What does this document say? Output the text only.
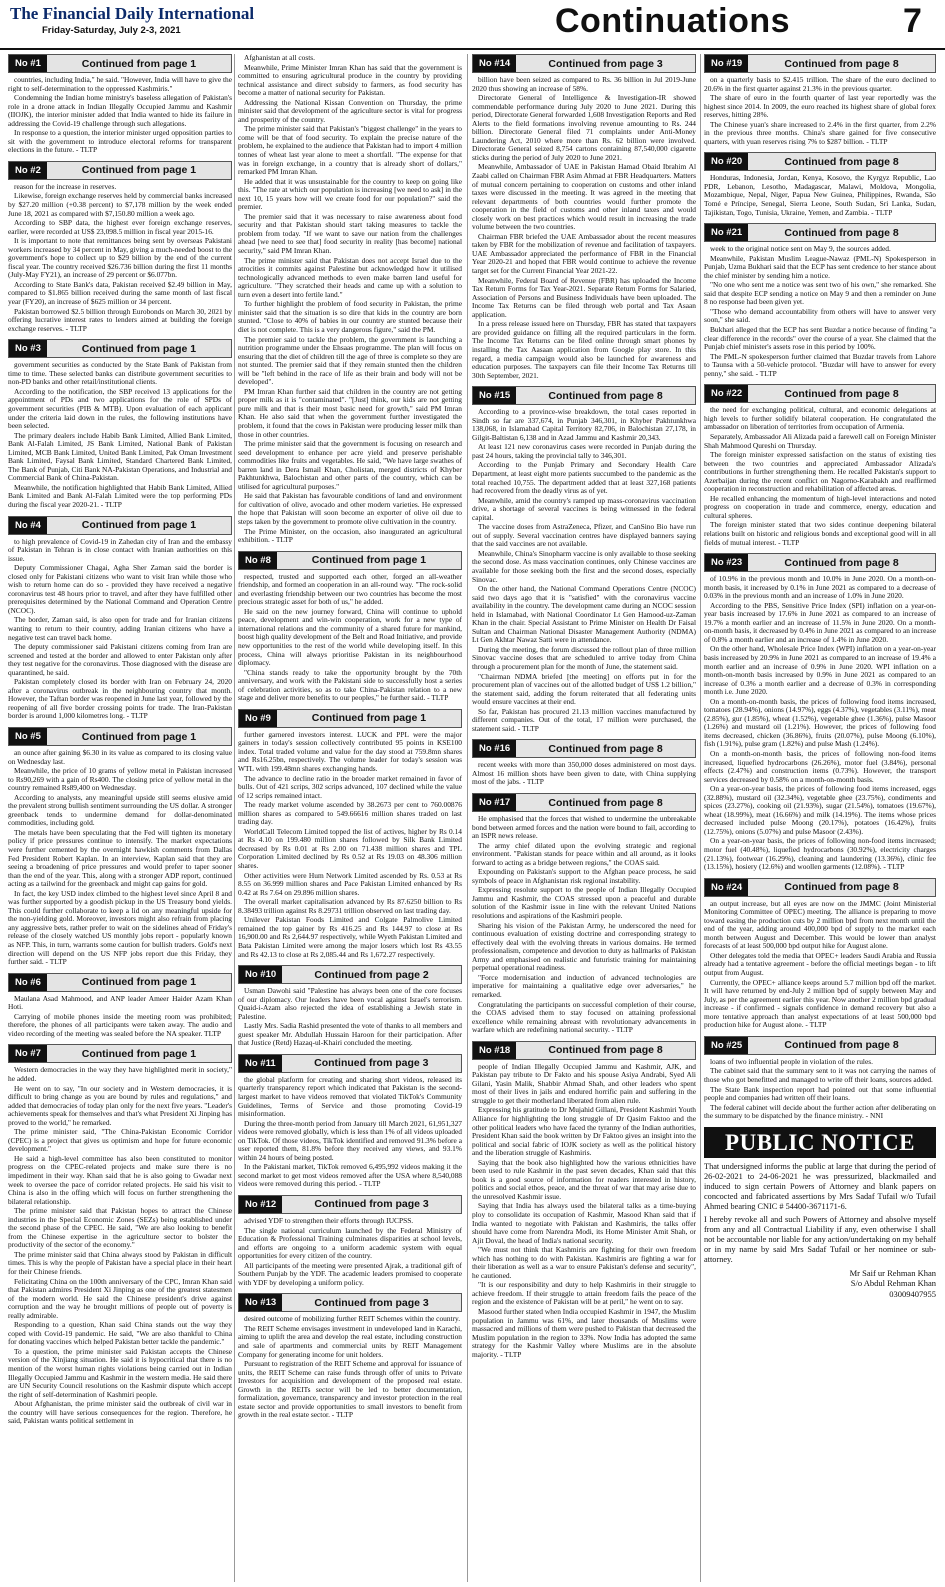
The Financial Daily International
Friday-Saturday, July 2-3, 2021	Continuations	7
No #1	Continued from page 1

countries, including India," he said. "However, India will have to give the right to self-determination to the oppressed Kashmiris."

Condemning the Indian home ministry's baseless allegation of Pakistan's role in a drone attack in Indian Illegally Occupied Jammu and Kashmir (IIOJK), the interior minister added that India wanted to hide its failure in addressing the Covid-19 challenge through such allegations.

In response to a question, the interior minister urged opposition parties to sit with the government to introduce electoral reforms for transparent elections in the future. - TLTP

No #2	Continued from page 1

reason for the increase in reserves.

Likewise, foreign exchange reserves held by commercial banks increased by $27.20 million (+0.38 percent) to $7,178 million by the week ended June 18, 2021 as compared with $7,150.80 million a week ago.

According to SBP data, the highest ever foreign exchange reserves, earlier, were recorded at US$ 23,098.5 million in fiscal year 2015-16.

It is important to note that remittances being sent by overseas Pakistani workers increased by 34 percent in May, giving a much-needed boost to the government's hope to collect up to $29 billion by the end of the current fiscal year. The country received $26.736 billion during the first 11 months (July-May FY21), an increase of 29 percent or $6.077bn.

According to State Bank's data, Pakistan received $2.49 billion in May, compared to $1.865 billion received during the same month of last fiscal year (FY20), an increase of $625 million or 34 percent.

Pakistan borrowed $2.5 billion through Eurobonds on March 30, 2021 by offering lucrative interest rates to lenders aimed at building the foreign exchange reserves. - TLTP

No #3	Continued from page 1

government securities as conducted by the State Bank of Pakistan from time to time. These selected banks can distribute government securities to non-PD banks and other retail/institutional clients.

According to the notification, the SBP received 13 applications for the appointment of PDs and two applications for the role of SPDs of government securities (PIB & MTB). Upon evaluation of each applicant under the criteria laid down in the rules, the following institutions have been selected.

The primary dealers include Habib Bank Limited, Allied Bank Limited, Bank Al-Falah Limited, JS Bank Limited, National Bank of Pakistan Limited, MCB Bank Limited, United Bank Limited, Pak Oman Investment Bank Limited, Faysal Bank Limited, Standard Chartered Bank Limited, The Bank of Punjab, Citi Bank NA-Pakistan Operations, and Industrial and Commercial Bank of China-Pakistan.

Meanwhile, the notification highlighted that Habib Bank Limited, Allied Bank Limited and Bank Al-Falah Limited were the top performing PDs during the fiscal year 2020-21. - TLTP

No #4	Continued from page 1

to high prevalence of Covid-19 in Zahedan city of Iran and the embassy of Pakistan in Tehran is in close contact with Iranian authorities on this issue.

Deputy Commissioner Chagai, Agha Sher Zaman said the border is closed only for Pakistani citizens who want to visit Iran while those who wish to return home can do so - provided they have received a negative coronavirus test 48 hours prior to travel, and after they have fulfilled other prerequisites determined by the National Command and Operation Centre (NCOC).

The border, Zaman said, is also open for trade and for Iranian citizens wanting to return to their country, adding Iranian citizens who have a negative test can travel back home.

The deputy commissioner said Pakistani citizens coming from Iran are screened and tested at the border and allowed to enter Pakistan only after they test negative for the coronavirus. Those diagnosed with the disease are quarantined, he said.

Pakistan completely closed its border with Iran on February 24, 2020 after a coronavirus outbreak in the neighbouring country that month. However, the Taftan border was reopened in June last year, followed by the reopening of all five border crossing points for trade. The Iran-Pakistan border is around 1,000 kilometres long. - TLTP

No #5	Continued from page 1

an ounce after gaining $6.30 in its value as compared to its closing value on Wednesday last.

Meanwhile, the price of 10 grams of yellow metal in Pakistan increased to Rs90,269 with a gain of Rs400. The closing price of yellow metal in the country remained Rs89,400 on Wednesday.

According to analysts, any meaningful upside still seems elusive amid the prevalent strong bullish sentiment surrounding the US dollar. A stronger greenback tends to undermine demand for dollar-denominated commodities, including gold.

The metals have been speculating that the Fed will tighten its monetary policy if price pressures continue to intensify. The market expectations were further cemented by the overnight hawkish comments from Dallas Fed President Robert Kaplan. In an interview, Kaplan said that they are seeing a broadening of price pressures and would prefer to taper sooner than the end of the year. This, along with a stronger ADP report, continued acting as a tailwind for the greenback and might cap gains for gold.

In fact, the key USD index climbed to the highest level since April 8 and was further supported by a goodish pickup in the US Treasury bond yields. This could further collaborate to keep a lid on any meaningful upside for the non-yielding gold. Moreover, investors might also refrain from placing any aggressive bets, rather prefer to wait on the sidelines ahead of Friday's release of the closely watched US monthly jobs report - popularly known as NFP. This, in turn, warrants some caution for bullish traders. Gold's next direction will depend on the US NFP jobs report due this Friday, they further said. - TLTP

No #6	Continued from page 1

Maulana Asad Mahmood, and ANP leader Ameer Haider Azam Khan Hoti.

Carrying of mobile phones inside the meeting room was prohibited; therefore, the phones of all participants were taken away. The audio and video recording of the meeting was sealed before the NA speaker. TLTP

No #7	Continued from page 1

Western democracies in the way they have highlighted merit in society," he added.

He went on to say, "In our society and in Western democracies, it is difficult to bring change as you are bound by rules and regulations," and added that democracies of today plan only for the next five years. "Leader's achievements speak for themselves and that's what President Xi Jinping has proved to the world," he remarked.

The prime minister said, "The China-Pakistan Economic Corridor (CPEC) is a project that gives us optimism and hope for future economic development."

He said a high-level committee has also been constituted to monitor progress on the CPEC-related projects and make sure there is no impediment in their way. Khan said that he is also going to Gwadar next week to oversee the pace of corridor related projects. He said his visit to China is also in the offing which will focus on further strengthening the bilateral relationship.

The prime minister said that Pakistan hopes to attract the Chinese industries in the Special Economic Zones (SEZs) being established under the second phase of the CPEC. He said, "We are also looking to benefit from the Chinese expertise in the agriculture sector to bolster the productivity of the sector of the economy."

The prime minister said that China always stood by Pakistan in difficult times. This is why the people of Pakistan have a special place in their heart for their Chinese friends.

Felicitating China on the 100th anniversary of the CPC, Imran Khan said that Pakistan admires President Xi Jinping as one of the greatest statesmen of the modern world. He said the Chinese president's drive against corruption and the way he brought millions of people out of poverty is really admirable.

Responding to a question, Khan said China stands out the way they coped with Covid-19 pandemic. He said, "We are also thankful to China for donating vaccines which helped Pakistan better tackle the pandemic."

To a question, the prime minister said Pakistan accepts the Chinese version of the Xinjiang situation. He said it is hypocritical that there is no mention of the worst human rights violations being carried out in Indian Illegally Occupied Jammu and Kashmir in the western media. He said there are UN Security Council resolutions on the Kashmir dispute which accept the right of self-determination of Kashmiri people.

About Afghanistan, the prime minister said the outbreak of civil war in the country will have serious consequences for the region. Therefore, he said, Pakistan wants political settlement in

Afghanistan at all costs.

Meanwhile, Prime Minister Imran Khan has said that the government is committed to ensuring agricultural produce in the country by providing technical assistance and direct subsidy to farmers, as food security has become a matter of national security for Pakistan.

Addressing the National Kissan Convention on Thursday, the prime minister said that development of the agriculture sector is vital for progress and prosperity of the country.

The prime minister said that Pakistan's "biggest challenge" in the years to come will be that of food security. To explain the precise nature of the problem, he explained to the audience that Pakistan had to import 4 million tonnes of wheat last year alone to meet a shortfall. "The expense for that was in foreign exchange, in a country that is already short of dollars," remarked PM Imran Khan.

He added that it was unsustainable for the country to keep on going like this. "The rate at which our population is increasing [we need to ask] in the next 10, 15 years how will we create food for our population?" said the premier.

The premier said that it was necessary to raise awareness about food security and that Pakistan should start taking measures to tackle the problem from today. "If we want to save our nation from the challenges ahead [we need to see that] food security in reality [has become] national security," said PM Imran Khan.

The prime minister said that Pakistan does not accept Israel due to the atrocities it commits against Palestine but acknowledged how it utilised technologically advanced methods to even make barren land useful for agriculture. "They scratched their heads and came up with a solution to turn even a desert into fertile land."

To further highlight the problem of food security in Pakistan, the prime minister said that the situation is so dire that kids in the country are born stunted. "Close to 40% of babies in our country are stunted because their diet is not complete. This is a very dangerous figure," said the PM.

The premier said to tackle the problem, the government is launching a nutrition programme under the Ehsaas programme. The plan will focus on ensuring that the diet of children till the age of three is complete so they are not stunted. The premier said that if they remain stunted then the children will be "left behind in the race of life as their brain and body will not be developed".

PM Imran Khan further said that children in the country are not getting proper milk as it is "contaminated". "[Just] think, our kids are not getting pure milk and that is their most basic need for growth," said PM Imran Khan. He also said that when the government further investigated the problem, it found that the cows in Pakistan were producing lesser milk than those in other countries.

The prime minister said that the government is focusing on research and seed development to enhance per acre yield and preserve perishable commodities like fruits and vegetables. He said, "We have large swathes of barren land in Dera Ismail Khan, Cholistan, merged districts of Khyber Pakhtunkhwa, Balochistan and other parts of the country, which can be utilised for agricultural purposes."

He said that Pakistan has favourable conditions of land and environment for cultivation of olive, avocado and other modern varieties. He expressed the hope that Pakistan will soon become an exporter of olive oil due to steps taken by the government to promote olive cultivation in the country.

The Prime Minister, on the occasion, also inaugurated an agricultural exhibition. - TLTP

No #8	Continued from page 1

respected, trusted and supported each other, forged an all-weather friendship, and formed an cooperation in an all-round way. "The rock-solid and everlasting friendship between our two countries has become the most precious strategic asset for both of us," he added.

He said on the new journey forward, China will continue to uphold peace, development and win-win cooperation, work for a new type of international relations and the community of a shared future for mankind, boost high quality development of the Belt and Road Initiative, and provide new opportunities to the rest of the world while developing itself. In this process, China will always prioritise Pakistan in its neighbourhood diplomacy.

"China stands ready to take the opportunity brought by the 70th anniversary, and work with the Pakistani side to successfully host a series of celebration activities, so as to take China-Pakistan relation to a new stage and deliver more benefits to our peoples," he further said. - TLTP

No #9	Continued from page 1

further garnered investors interest. LUCK and PPL were the major gainers in today's session collectively contributed 95 points in KSE100 index. Total traded volume and value for the day stood at 759.8mn shares and Rs16.25bn, respectively. The volume leader for today's session was WTL with 199.48mn shares exchanging hands.

The advance to decline ratio in the broader market remained in favor of bulls. Out of 421 scrips, 302 scrips advanced, 107 declined while the value of 12 scrips remained intact.

The ready market volume ascended by 38.2673 per cent to 760.00876 million shares as compared to 549.66616 million shares traded on last trading day.

WorldCall Telecom Limited topped the list of actives, higher by Rs 0.14 at Rs 4.10 on 199.480 million shares followed by Silk Bank Limited decreased by Rs 0.01 at Rs 2.00 on 71.438 million shares and TPL Corporation Limited declined by Rs 0.52 at Rs 19.03 on 48.306 million shares.

Other activities were Hum Network Limited ascended by Rs. 0.53 at Rs 8.55 on 36.999 million shares and Pace Pakistan Limited enhanced by Rs 0.42 at Rs 7.64 on 29.896 million shares.

The overall market capitalisation advanced by Rs 87.6250 billion to Rs 8.38493 trillion against Rs 8.29731 trillion observed on last trading day.

Unilever Pakistan Foods Limited and Colgate Palmolive Limited remained the top gainer by Rs 416.25 and Rs 144.97 to close at Rs 16,900.00 and Rs 2,644.97 respectively, while Wyeth Pakistan Limited and Bata Pakistan Limited were among the major losers which lost Rs 43.55 and Rs 42.13 to close at Rs 2,085.44 and Rs 1,672.27 respectively.

No #10	Continued from page 2

Usman Dawohi said "Palestine has always been one of the core focuses of our diplomacy. Our leaders have been vocal against Israel's terrorism. Quaid-i-Azam also rejected the idea of establishing a Jewish state in Palestine.

Lastly Mrs. Sadia Rashid presented the vote of thanks to all members and guest speaker Mr. Abdullah Hussain Haroon for their participation. After that Justice (Retd) Hazaq-ul-Khairi concluded the meeting.

No #11	Continued from page 3

the global platform for creating and sharing short videos, released its quarterly transparency report which indicated that Pakistan is the second-largest market to have videos removed that violated TikTok's Community Guidelines, Terms of Service and those promoting Covid-19 misinformation.

During the three-month period from January till March 2021, 61,951,327 videos were removed globally, which is less than 1% of all videos uploaded on TikTok. Of those videos, TikTok identified and removed 91.3% before a user reported them, 81.8% before they received any views, and 93.1% within 24 hours of being posted.

In the Pakistani market, TikTok removed 6,495,992 videos making it the second market to get most videos removed after the USA where 8,540,088 videos were removed during this period. - TLTP

No #12	Continued from page 3

advised YDF to strengthen their efforts through IUCPSS.

The single national curriculum launched by the Federal Ministry of Education & Professional Training culminates disparities at school levels, and efforts are ongoing to a uniform academic system with equal opportunities for every citizen of the country.

All participants of the meeting were presented Ajrak, a traditional gift of Southern Punjab by the YDF. The academic leaders promised to cooperate with YDF by developing a uniform policy.

No #13	Continued from page 3

desired outcome of mobilizing further REIT Schemes within the country.

The REIT Scheme envisages investment in undeveloped land in Karachi, aiming to uplift the area and develop the real estate, including construction and sale of apartments and commercial units by REIT Management Company for generating income for unit holders.

Pursuant to registration of the REIT Scheme and approval for issuance of units, the REIT Scheme can raise funds through offer of units to Private Investors for acquisition and development of the proposed real estate. Growth in the REITs sector will be led to better documentation, formalization, governance, transparency and investor protection in the real estate sector and provide opportunities to small investors to benefit from growth in the real estate sector. - TLTP

No #14	Continued from page 3

billion have been seized as compared to Rs. 36 billion in Jul 2019-June 2020 thus showing an increase of 58%.

Directorate General of Intelligence & Investigation-IR showed commendable performance during July 2020 to June 2021. During this period, Directorate General forwarded 1,608 Investigation Reports and Red Alerts to the field formations involving revenue amounting to Rs. 244 billion. Directorate General filed 71 complaints under Anti-Money Laundering Act, 2010 where more than Rs. 62 billion were involved. Directorate General seized 8,754 cartons containing 87,540,000 cigarette sticks during the period of July 2020 to June 2021.

Meanwhile, Ambassador of UAE in Pakistan Hamad Obaid Ibrahim Al Zaabi called on Chairman FBR Asim Ahmad at FBR Headquarters. Matters of mutual concern pertaining to cooperation on customs and other inland taxes were discussed in the meeting. It was agreed in the meeting that relevant departments of both countries would further promote the cooperation in the field of customs and other inland taxes and would closely work on best practices which would result in increasing the trade volume between the two countries.

Chairman FBR briefed the UAE Ambassador about the recent measures taken by FBR for the mobilization of revenue and facilitation of taxpayers. UAE Ambassador appreciated the performance of FBR in the Financial Year 2020-21 and hoped that FBR would continue to achieve the revenue target set for the Current Financial Year 2021-22.

Meanwhile, Federal Board of Revenue (FBR) has uploaded the Income Tax Return Forms for Tax Year-2021. Separate Return Forms for Salaried, Association of Persons and Business Individuals have been uploaded. The Income Tax Returns can be filed through web portal and Tax Asaan application.

In a press release issued here on Thursday, FBR has stated that taxpayers are provided guidance on filling all the required particulars in the form. The Income Tax Returns can be filed online through smart phones by installing the Tax Aasaan application from Google play store. In this regard, a media campaign would also be launched for awareness and education purposes. The taxpayers can file their Income Tax Returns till 30th September, 2021.

No #15	Continued from page 8

According to a province-wise breakdown, the total cases reported in Sindh so far are 337,674, in Punjab 346,301, in Khyber Pakhtunkhwa 138,068, in Islamabad Capital Territory 82,706, in Balochistan 27,178, in Gilgit-Baltistan 6,138 and in Azad Jammu and Kashmir 20,343.

At least 121 new coronavirus cases were recorded in Punjab during the past 24 hours, taking the provincial tally to 346,301.

According to the Punjab Primary and Secondary Health Care Department, at least eight more patients succumbed to the pandemic as the total reached 10,755. The department added that at least 327,168 patients had recovered from the deadly virus as of yet.

Meanwhile, amid the country's ramped up mass-coronavirus vaccination drive, a shortage of several vaccines is being witnessed in the federal capital.

The vaccine doses from AstraZeneca, Pfizer, and CanSino Bio have run out of supply. Several vaccination centres have displayed banners saying that the said vaccines are not available.

Meanwhile, China's Sinopharm vaccine is only available to those seeking the second dose. As mass vaccination continues, only Chinese vaccines are available for those seeking both the first and the second doses, especially Sinovac.

On the other hand, the National Command Operations Centre (NCOC) said two days ago that it is "satisfied" with the coronavirus vaccine availability in the country. The development came during an NCOC session held in Islamabad, with National Coordinator Lt Gen Hamood-uz-Zaman Khan in the chair. Special Assistant to Prime Minister on Health Dr Faisal Sultan and Chairman National Disaster Management Authority (NDMA) Lt Gen Akhtar Nawaz Satti were in attendance.

During the meeting, the forum discussed the rollout plan of three million Sinovac vaccine doses that are scheduled to arrive today from China through a procurement plan for the month of June, the statement said.

"Chairman NDMA briefed [the meeting] on efforts put in for the procurement plan of vaccines out of the allotted budget of US$ 1.2 billion," the statement said, adding the forum reiterated that all federating units would ensure vaccines at their end.

So far, Pakistan has procured 21.13 million vaccines manufactured by different companies. Out of the total, 17 million were purchased, the statement said. - TLTP

No #16	Continued from page 8

recent weeks with more than 350,000 doses administered on most days. Almost 16 million shots have been given to date, with China supplying most of the jabs. - TLTP

No #17	Continued from page 8

He emphasised that the forces that wished to undermine the unbreakable bond between armed forces and the nation were bound to fail, according to an ISPR news release.

The army chief dilated upon the evolving strategic and regional environment. "Pakistan stands for peace within and all around, as it looks forward to acting as a bridge between regions," the COAS said.

Expounding on Pakistan's support to the Afghan peace process, he said symbols of peace in Afghanistan risk regional instability.

Expressing resolute support to the people of Indian Illegally Occupied Jammu and Kashmir, the COAS stressed upon a peaceful and durable solution of the Kashmir issue in line with the relevant United Nations resolutions and aspirations of the Kashmiri people.

Sharing his vision of the Pakistan Army, he underscored the need for continuous evaluation of existing doctrine and corresponding strategy to effectively deal with the evolving threats in various domains. He termed professionalism, competence and devotion to duty as hallmarks of Pakistan Army and emphasised on realistic and futuristic training for maintaining perpetual operational readiness.

"Force modernisation and induction of advanced technologies are imperative for maintaining a qualitative edge over adversaries," he remarked.

Congratulating the participants on successful completion of their course, the COAS advised them to stay focused on attaining professional excellence while remaining abreast with revolutionary advancements in warfare which are redefining national security. - TLTP

No #18	Continued from page 8

people of Indian Illegally Occupied Jammu and Kashmir, AJK, and Pakistan pay tribute to Dr Fakto and his spouse Asiya Andrabi, Syed Ali Gilani, Yasin Malik, Shabbir Ahmad Shah, and other leaders who spent most of their lives in jails and endured horrific pain and suffering in the struggle to get their motherland liberated from alien rule.

Expressing his gratitude to Dr Mujahid Gillani, President Kashmiri Youth Alliance for highlighting the long struggle of Dr Qasim Faktoo and the other political leaders who have faced the tyranny of the Indian authorities, President Khan said the book written by Dr Faktoo gives an insight into the political and social fabric of IOJK society as well as the political history and the liberation struggle of Kashmiris.

Saying that the book also highlighted how the various ethnicities have been used to rule Kashmir in the past seven decades, Khan said that this book is a good source of information for readers interested in history, politics and social ethos, peace, and the threat of war that may arise due to the unresolved Kashmir issue.

Saying that India has always used the bilateral talks as a time-buying ploy to consolidate its occupation of Kashmir, Masood Khan said that if India wanted to negotiate with Pakistan and Kashmiris, the talks offer should have come from Narendra Modi, its Home Minister Amit Shah, or Ajit Doval, the head of India's national security.

"We must not think that Kashmiris are fighting for their own freedom which has nothing to do with Pakistan. Kashmiris are fighting a war for their liberation as well as a war to ensure Pakistan's defense and security", he cautioned.

"It is our responsibility and duty to help Kashmiris in their struggle to achieve freedom. If their struggle to attain freedom fails the peace of the region and the existence of Pakistan will be at peril," he went on to say.

Masood further stated when India occupied Kashmir in 1947, the Muslim population in Jammu was 61%, and later thousands of Muslims were massacred and millions of them were pushed to Pakistan that decreased the Muslim population in the region to 33%. Now India has adopted the same strategy for the Kashmir Valley where Muslims are in the absolute majority. - TLTP

No #19	Continued from page 8

on a quarterly basis to $2.415 trillion. The share of the euro declined to 20.6% in the first quarter against 21.3% in the previous quarter.

The share of euro in the fourth quarter of last year reportedly was the highest since 2014. In 2009, the euro reached its highest share of global forex reserves, hitting 28%.

The Chinese yuan's share increased to 2.4% in the first quarter, from 2.2% in the previous three months. China's share gained for five consecutive quarters, with yuan reserves rising 7% to $287 billion. - TLTP

No #20	Continued from page 8

Honduras, Indonesia, Jordan, Kenya, Kosovo, the Kyrgyz Republic, Lao PDR, Lebanon, Lesotho, Madagascar, Malawi, Moldova, Mongolia, Mozambique, Nepal, Niger, Papua New Guinea, Philippines, Rwanda, São Tomé e Príncipe, Senegal, Sierra Leone, South Sudan, Sri Lanka, Sudan, Tajikistan, Togo, Tunisia, Ukraine, Yemen, and Zambia. - TLTP

No #21	Continued from page 8

week to the original notice sent on May 9, the sources added.

Meanwhile, Pakistan Muslim League-Nawaz (PML-N) Spokesperson in Punjab, Uzma Bukhari said that the ECP has sent credence to her stance about the chief minister by sending him a notice.

"No one who sent me a notice was sent two of his own," she remarked. She said that despite ECP sending a notice on May 9 and then a reminder on June 8 no response had been given yet.

"Those who demand accountability from others will have to answer very soon," she said.

Bukhari alleged that the ECP has sent Buzdar a notice because of finding "a clear difference in the records" over the course of a year. She claimed that the Punjab chief minister's assets rose in this period by 100%.

The PML-N spokesperson further claimed that Buzdar travels from Lahore to Taunsa with a 50-vehicle protocol. "Buzdar will have to answer for every penny," she said. - TLTP

No #22	Continued from page 8

the need for exchanging political, cultural, and economic delegations at high levels to further solidify bilateral cooperation. He congratulated the ambassador on liberation of territories from occupation of Armenia.

Separately, Ambassador Ali Alizada paid a farewell call on Foreign Minister Shah Mahmood Qureshi on Thursday.

The foreign minister expressed satisfaction on the status of existing ties between the two countries and appreciated Ambassador Alizada's contributions in further strengthening them. He recalled Pakistan's support to Azerbaijan during the recent conflict on Nagorno-Karabakh and reaffirmed cooperation in reconstruction and rehabilitation of affected areas.

He recalled enhancing the momentum of high-level interactions and noted progress on cooperation in trade and commerce, energy, education and cultural spheres.

The foreign minister stated that two sides continue deepening bilateral relations built on historic and religious bonds and exceptional good will in all fields of mutual interest. - TLTP

No #23	Continued from page 8

of 10.9% in the previous month and 10.0% in June 2020. On a month-on-month basis, it increased by 0.1% in June 2021 as compared to a decrease of 0.03% in the previous month and an increase of 1.0% in June 2020.

According to the PBS, Sensitive Price Index (SPI) inflation on a year-on-year basis increased by 17.6% in June 2021 as compared to an increase of 19.7% a month earlier and an increase of 11.5% in June 2020. On a month-on-month basis, it decreased by 0.4% in June 2021 as compared to an increase of 0.8% a month earlier and an increase of 1.4% in June 2020.

On the other hand, Wholesale Price Index (WPI) inflation on a year-on-year basis increased by 20.9% in June 2021 as compared to an increase of 19.4% a month earlier and an increase of 0.9% in June 2020. WPI inflation on a month-on-month basis increased by 0.9% in June 2021 as compared to an increase of 0.3% a month earlier and a decrease of 0.3% in corresponding month i.e. June 2020.

On a month-on-month basis, the prices of following food items increased, tomatoes (28.94%), onions (14.97%), eggs (4.37%), vegetables (3.11%), meat (2.85%), gur (1.85%), wheat (1.52%), vegetable ghee (1.36%), pulse Masoor (1.26%) and mustard oil (1.21%). However, the prices of following food items decreased, chicken (36.86%), fruits (20.07%), pulse Moong (6.10%), fish (1.91%), pulse gram (1.82%) and pulse Mash (1.24%).

On a month-on-month basis, the prices of following non-food items increased, liquefied hydrocarbons (26.26%), motor fuel (3.84%), personal effects (2.47%) and construction items (0.73%). However, the transport services decreased by 0.58% on a month-on-month basis.

On a year-on-year basis, the prices of following food items increased, eggs (32.88%), mustard oil (32.34%), vegetable ghee (23.75%), condiments and spices (23.27%), cooking oil (21.93%), sugar (21.54%), tomatoes (19.67%), wheat (18.99%), meat (16.66%) and milk (14.19%). The items whose prices decreased included pulse Moong (20.17%), potatoes (16.42%), fruits (12.75%), onions (5.07%) and pulse Masoor (2.43%).

On a year-on-year basis, the prices of following non-food items increased; motor fuel (40.48%), liquefied hydrocarbons (30.92%), electricity charges (21.13%), footwear (16.29%), cleaning and laundering (13.36%), clinic fee (13.15%), hosiery (12.6%) and woollen garments (12.08%). - TLTP

No #24	Continued from page 8

an output increase, but all eyes are now on the JMMC (Joint Ministerial Monitoring Committee of OPEC) meeting. The alliance is preparing to move toward easing the production cuts by 2 million bpd from next month until the end of the year, adding around 400,000 bpd of supply to the market each month between August and December. This would be lower than analyst forecasts of at least 500,000 bpd output hike for August alone.

Other delegates told the media that OPEC+ leaders Saudi Arabia and Russia already had a tentative agreement - before the official meetings began - to lift output from August.

Currently, the OPEC+ alliance keeps around 5.7 million bpd off the market. It will have returned by end-July 2 million bpd of supply between May and July, as per the agreement earlier this year. Now another 2 million bpd gradual increase - if confirmed - signals confidence in demand recovery but also a more tentative approach than analyst expectations of at least 500,000 bpd production hike for August alone. - TLTP

No #25	Continued from page 8

loans of two influential people in violation of the rules.

The cabinet said that the summary sent to it was not carrying the names of those who got benefitted and managed to write off their loans, sources added.

The State Bank inspection report had pointed out that some influential people and companies had written off their loans.

The federal cabinet will decide about the further action after deliberating on the summary to be dispatched by the finance ministry. - NNI

PUBLIC NOTICE

That undersigned informs the public at large that during the period of 26-02-2021 to 24-06-2021 he was pressurized, blackmailed and induced to sign certain Powers of Attorney and blank papers on concocted and fabricated assertions by Mrs Sadaf Tufail w/o Tufail Ahmed bearing CNIC # 54400-3671171-6.

I hereby revoke all and such Powers of Attorney and absolve myself from any and all Contractual Liability if any, even otherwise I shall not be accountable nor liable for any action/undertaking on my behalf or in my name by said Mrs Sadaf Tufail or her nominee or sub-attorney.

Mr Saif ur Rehman Khan
S/o Abdul Rehman Khan
03009407955
